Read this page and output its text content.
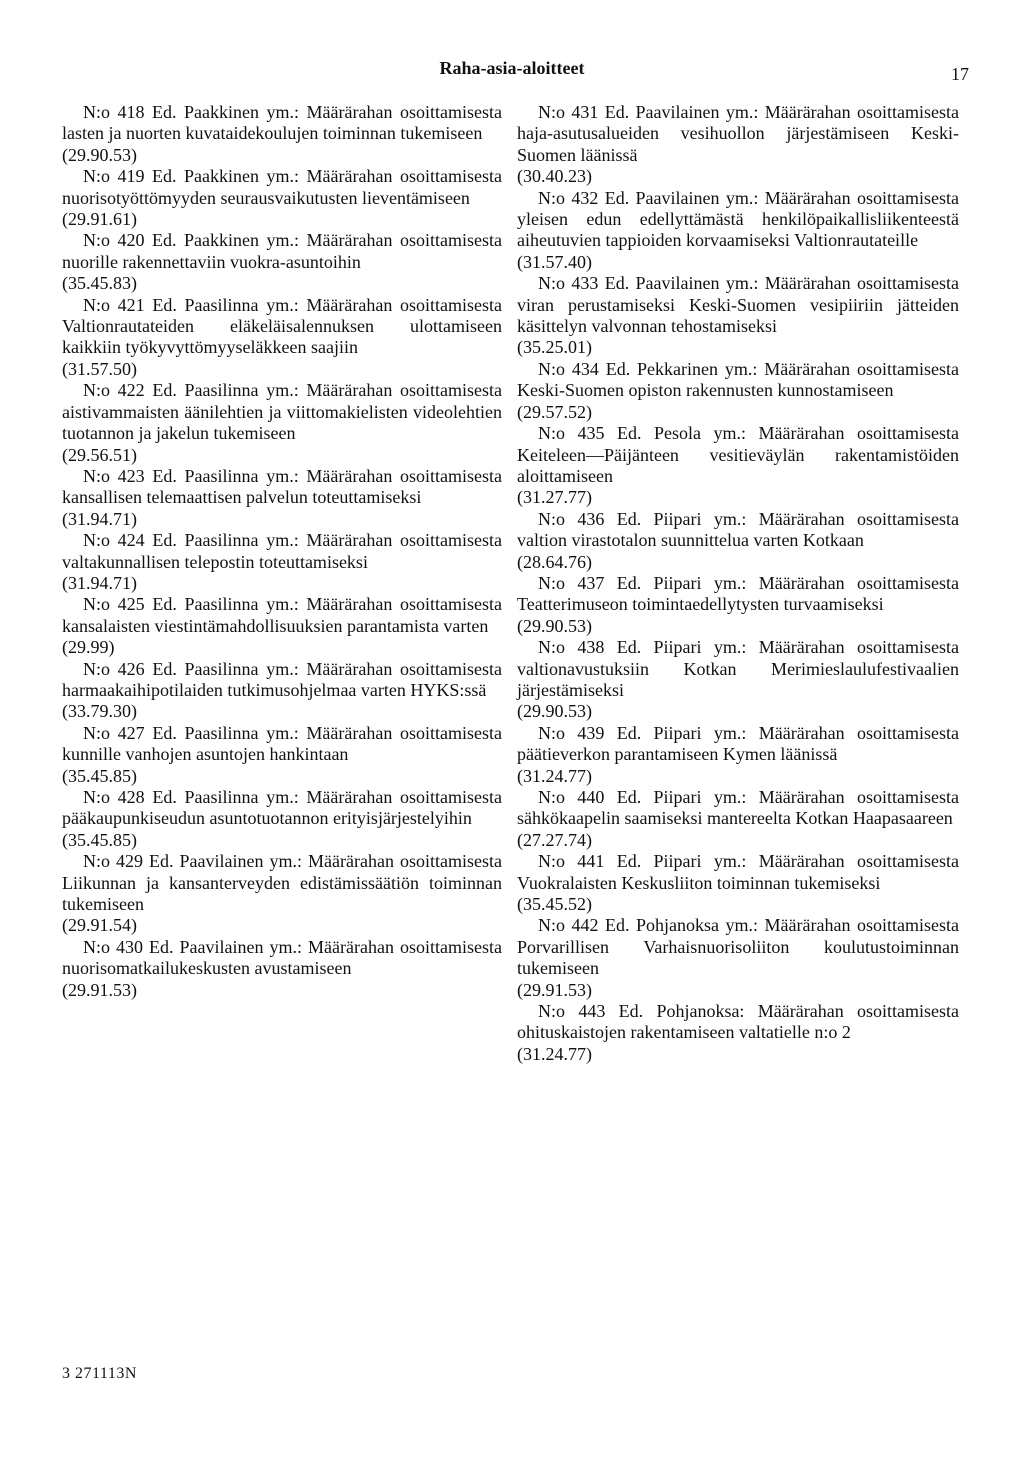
Raha-asia-aloitteet	17

N:o 418 Ed. Paakkinen ym.: Määrärahan osoittamisesta lasten ja nuorten kuvataidekoulujen toiminnan tukemiseen

(29.90.53)

N:o 419 Ed. Paakkinen ym.: Määrärahan osoittamisesta nuorisotyöttömyyden seurausvaikutusten lieventämiseen

(29.91.61)

N:o 420 Ed. Paakkinen ym.: Määrärahan osoittamisesta nuorille rakennettaviin vuokra-asuntoihin

(35.45.83)

N:o 421 Ed. Paasilinna ym.: Määrärahan osoittamisesta Valtionrautateiden eläkeläisalennuksen ulottamiseen kaikkiin työkyvyttömyyseläkkeen saajiin

(31.57.50)

N:o 422 Ed. Paasilinna ym.: Määrärahan osoittamisesta aistivammaisten äänilehtien ja viittomakielisten videolehtien tuotannon ja jakelun tukemiseen

(29.56.51)

N:o 423 Ed. Paasilinna ym.: Määrärahan osoittamisesta kansallisen telemaattisen palvelun toteuttamiseksi

(31.94.71)

N:o 424 Ed. Paasilinna ym.: Määrärahan osoittamisesta valtakunnallisen telepostin toteuttamiseksi

(31.94.71)

N:o 425 Ed. Paasilinna ym.: Määrärahan osoittamisesta kansalaisten viestintämahdollisuuksien parantamista varten

(29.99)

N:o 426 Ed. Paasilinna ym.: Määrärahan osoittamisesta harmaakaihipotilaiden tutkimusohjelmaa varten HYKS:ssä

(33.79.30)

N:o 427 Ed. Paasilinna ym.: Määrärahan osoittamisesta kunnille vanhojen asuntojen hankintaan

(35.45.85)

N:o 428 Ed. Paasilinna ym.: Määrärahan osoittamisesta pääkaupunkiseudun asuntotuotannon erityisjärjestelyihin

(35.45.85)

N:o 429 Ed. Paavilainen ym.: Määrärahan osoittamisesta Liikunnan ja kansanterveyden edistämissäätiön toiminnan tukemiseen

(29.91.54)

N:o 430 Ed. Paavilainen ym.: Määrärahan osoittamisesta nuorisomatkailukeskusten avustamiseen

(29.91.53)

N:o 431 Ed. Paavilainen ym.: Määrärahan osoittamisesta haja-asutusalueiden vesihuollon järjestämiseen Keski-Suomen läänissä

(30.40.23)

N:o 432 Ed. Paavilainen ym.: Määrärahan osoittamisesta yleisen edun edellyttämästä henkilöpaikallisliikenteestä aiheutuvien tappioiden korvaamiseksi Valtionrautateille

(31.57.40)

N:o 433 Ed. Paavilainen ym.: Määrärahan osoittamisesta viran perustamiseksi Keski-Suomen vesipiiriin jätteiden käsittelyn valvonnan tehostamiseksi

(35.25.01)

N:o 434 Ed. Pekkarinen ym.: Määrärahan osoittamisesta Keski-Suomen opiston rakennusten kunnostamiseen

(29.57.52)

N:o 435 Ed. Pesola ym.: Määrärahan osoittamisesta Keiteleen—Päijänteen vesitieväylän rakentamistöiden aloittamiseen

(31.27.77)

N:o 436 Ed. Piipari ym.: Määrärahan osoittamisesta valtion virastotalon suunnittelua varten Kotkaan

(28.64.76)

N:o 437 Ed. Piipari ym.: Määrärahan osoittamisesta Teatterimuseon toimintaedellytysten turvaamiseksi

(29.90.53)

N:o 438 Ed. Piipari ym.: Määrärahan osoittamisesta valtionavustuksiin Kotkan Merimieslaulufestivaalien järjestämiseksi

(29.90.53)

N:o 439 Ed. Piipari ym.: Määrärahan osoittamisesta päätieverkon parantamiseen Kymen läänissä

(31.24.77)

N:o 440 Ed. Piipari ym.: Määrärahan osoittamisesta sähkökaapelin saamiseksi mantereelta Kotkan Haapasaareen

(27.27.74)

N:o 441 Ed. Piipari ym.: Määrärahan osoittamisesta Vuokralaisten Keskusliiton toiminnan tukemiseksi

(35.45.52)

N:o 442 Ed. Pohjanoksa ym.: Määrärahan osoittamisesta Porvarillisen Varhaisnuorisoliiton koulutustoiminnan tukemiseen

(29.91.53)

N:o 443 Ed. Pohjanoksa: Määrärahan osoittamisesta ohituskaistojen rakentamiseen valtatielle n:o 2

(31.24.77)
3 271113N
